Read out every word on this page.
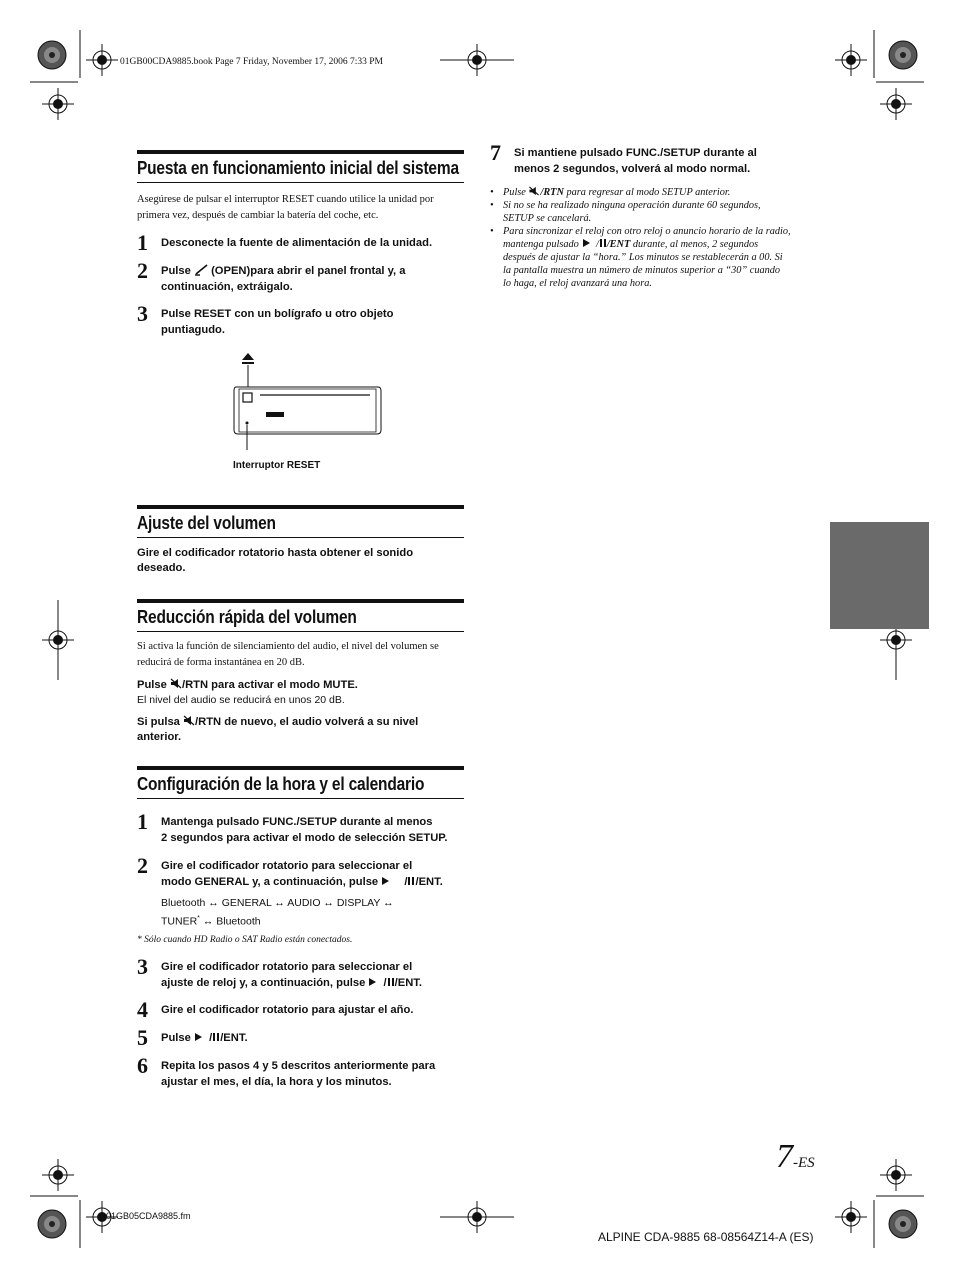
01GB00CDA9885.book Page 7 Friday, November 17, 2006 7:33 PM
Puesta en funcionamiento inicial del sistema
Asegúrese de pulsar el interruptor RESET cuando utilice la unidad por
primera vez, después de cambiar la batería del coche, etc.
1 Desconecte la fuente de alimentación de la unidad.
2 Pulse  (OPEN)para abrir el panel frontal y, a
continuación, extráigalo.
3 Pulse RESET con un bolígrafo u otro objeto
puntiagudo.
Interruptor RESET
Ajuste del volumen
Gire el codificador rotatorio hasta obtener el sonido
deseado.
Reducción rápida del volumen
Si activa la función de silenciamiento del audio, el nivel del volumen se
reducirá de forma instantánea en 20 dB.
Pulse /RTN para activar el modo MUTE.
El nivel del audio se reducirá en unos 20 dB.
Si pulsa /RTN de nuevo, el audio volverá a su nivel
anterior.
Configuración de la hora y el calendario
1 Mantenga pulsado FUNC./SETUP durante al menos
2 segundos para activar el modo de selección SETUP.
2 Gire el codificador rotatorio para seleccionar el
modo GENERAL y, a continuación, pulse  / /ENT.
Bluetooth ↔ GENERAL ↔ AUDIO ↔ DISPLAY ↔
TUNER* ↔ Bluetooth
* Sólo cuando HD Radio o SAT Radio están conectados.
3 Gire el codificador rotatorio para seleccionar el
ajuste de reloj y, a continuación, pulse  / /ENT.
4 Gire el codificador rotatorio para ajustar el año.
5 Pulse  / /ENT.
6 Repita los pasos 4 y 5 descritos anteriormente para
ajustar el mes, el día, la hora y los minutos.
7 Si mantiene pulsado FUNC./SETUP durante al
menos 2 segundos, volverá al modo normal.
• Pulse /RTN para regresar al modo SETUP anterior.
• Si no se ha realizado ninguna operación durante 60 segundos,
SETUP se cancelará.
• Para sincronizar el reloj con otro reloj o anuncio horario de la radio,
mantenga pulsado  / /ENT durante, al menos, 2 segundos
después de ajustar la “hora.” Los minutos se restablecerán a 00. Si
la pantalla muestra un número de minutos superior a “30” cuando
lo haga, el reloj avanzará una hora.
7-ES
01GB05CDA9885.fm
ALPINE CDA-9885 68-08564Z14-A (ES)
